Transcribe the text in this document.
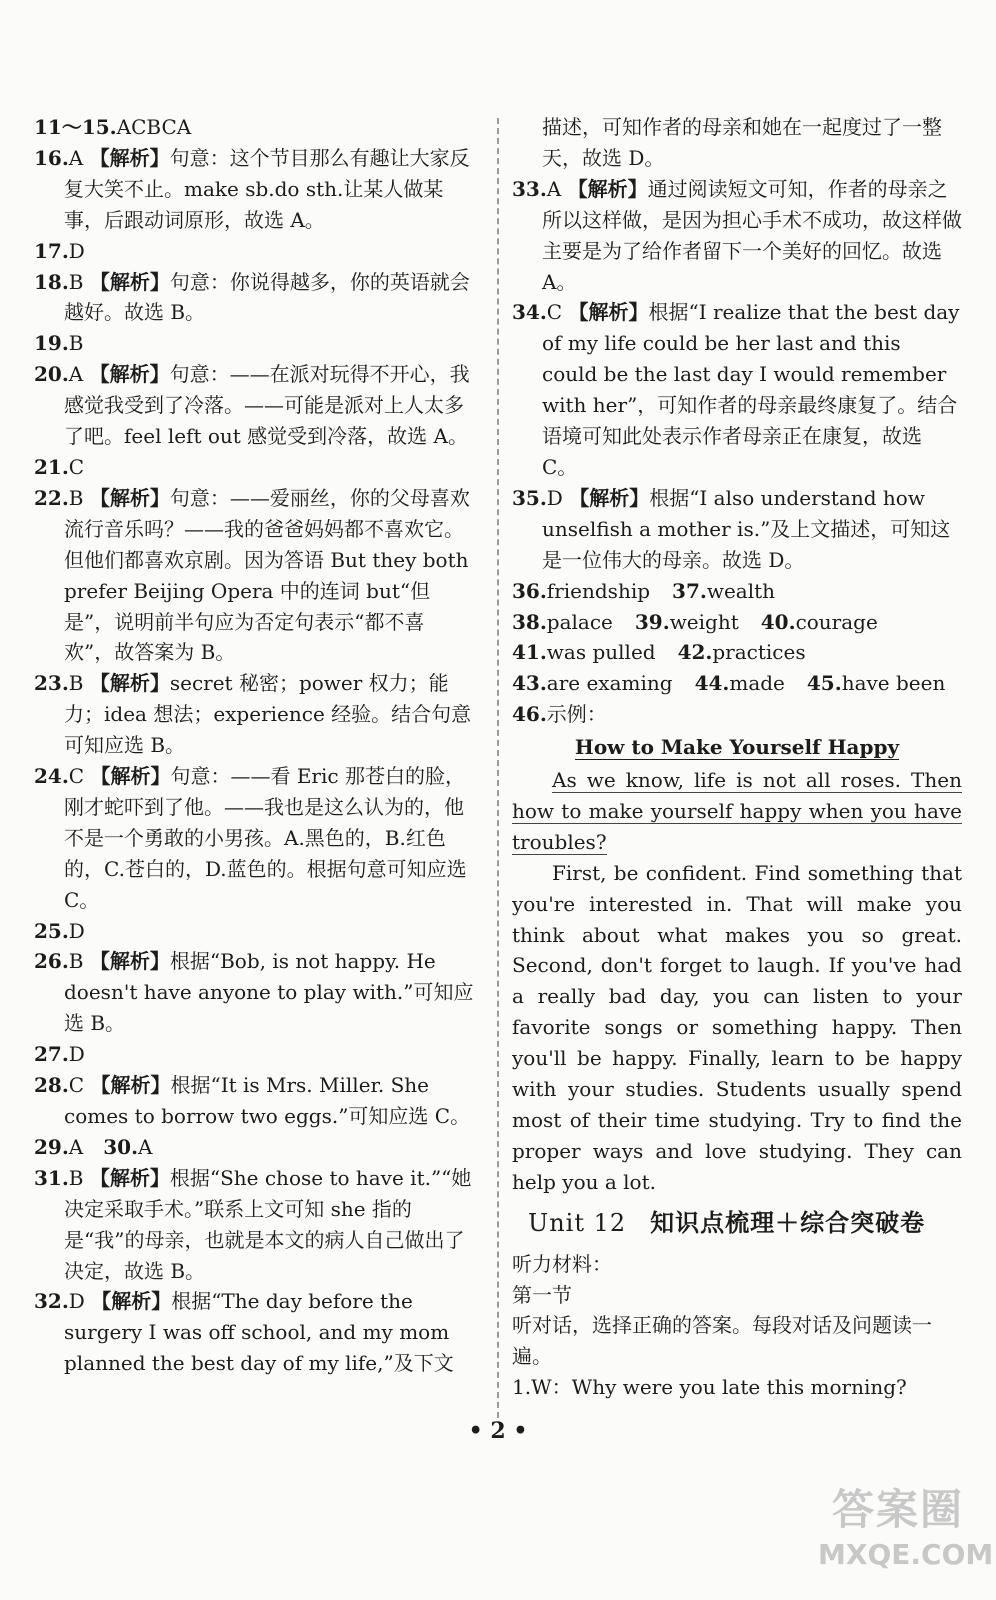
11～15.ACBCA

16.A 【解析】句意：这个节目那么有趣让大家反复大笑不止。make sb.do sth.让某人做某事，后跟动词原形，故选 A。

17.D

18.B 【解析】句意：你说得越多，你的英语就会越好。故选 B。

19.B

20.A 【解析】句意：——在派对玩得不开心，我感觉我受到了冷落。——可能是派对上人太多了吧。feel left out 感觉受到冷落，故选 A。

21.C

22.B 【解析】句意：——爱丽丝，你的父母喜欢流行音乐吗？——我的爸爸妈妈都不喜欢它。但他们都喜欢京剧。因为答语 But they both prefer Beijing Opera 中的连词 but“但是”，说明前半句应为否定句表示“都不喜欢”，故答案为 B。

23.B 【解析】secret 秘密；power 权力；能力；idea 想法；experience 经验。结合句意可知应选 B。

24.C 【解析】句意：——看 Eric 那苍白的脸，刚才蛇吓到了他。——我也是这么认为的，他不是一个勇敢的小男孩。A.黑色的，B.红色的，C.苍白的，D.蓝色的。根据句意可知应选 C。

25.D

26.B 【解析】根据“Bob, is not happy. He doesn't have anyone to play with.”可知应选 B。

27.D

28.C 【解析】根据“It is Mrs. Miller. She comes to borrow two eggs.”可知应选 C。

29.A  30.A

31.B 【解析】根据“She chose to have it.”“她决定采取手术。”联系上文可知 she 指的是“我”的母亲，也就是本文的病人自己做出了决定，故选 B。

32.D 【解析】根据“The day before the surgery I was off school, and my mom planned the best day of my life,”及下文

描述，可知作者的母亲和她在一起度过了一整天，故选 D。

33.A 【解析】通过阅读短文可知，作者的母亲之所以这样做，是因为担心手术不成功，故这样做主要是为了给作者留下一个美好的回忆。故选 A。

34.C 【解析】根据“I realize that the best day of my life could be her last and this could be the last day I would remember with her”，可知作者的母亲最终康复了。结合语境可知此处表示作者母亲正在康复，故选 C。

35.D 【解析】根据“I also understand how unselfish a mother is.”及上文描述，可知这是一位伟大的母亲。故选 D。

36.friendship 37.wealth

38.palace 39.weight 40.courage

41.was pulled 42.practices

43.are examing 44.made 45.have been

46.示例：

How to Make Yourself Happy

As we know, life is not all roses. Then how to make yourself happy when you have troubles?

First, be confident. Find something that you're interested in. That will make you think about what makes you so great. Second, don't forget to laugh. If you've had a really bad day, you can listen to your favorite songs or something happy. Then you'll be happy. Finally, learn to be happy with your studies. Students usually spend most of their time studying. Try to find the proper ways and love studying. They can help you a lot.

Unit 12 知识点梳理＋综合突破卷

听力材料：

第一节

听对话，选择正确的答案。每段对话及问题读一遍。

1.W：Why were you late this morning?

• 2 •
答案圈
MXQE.COM
